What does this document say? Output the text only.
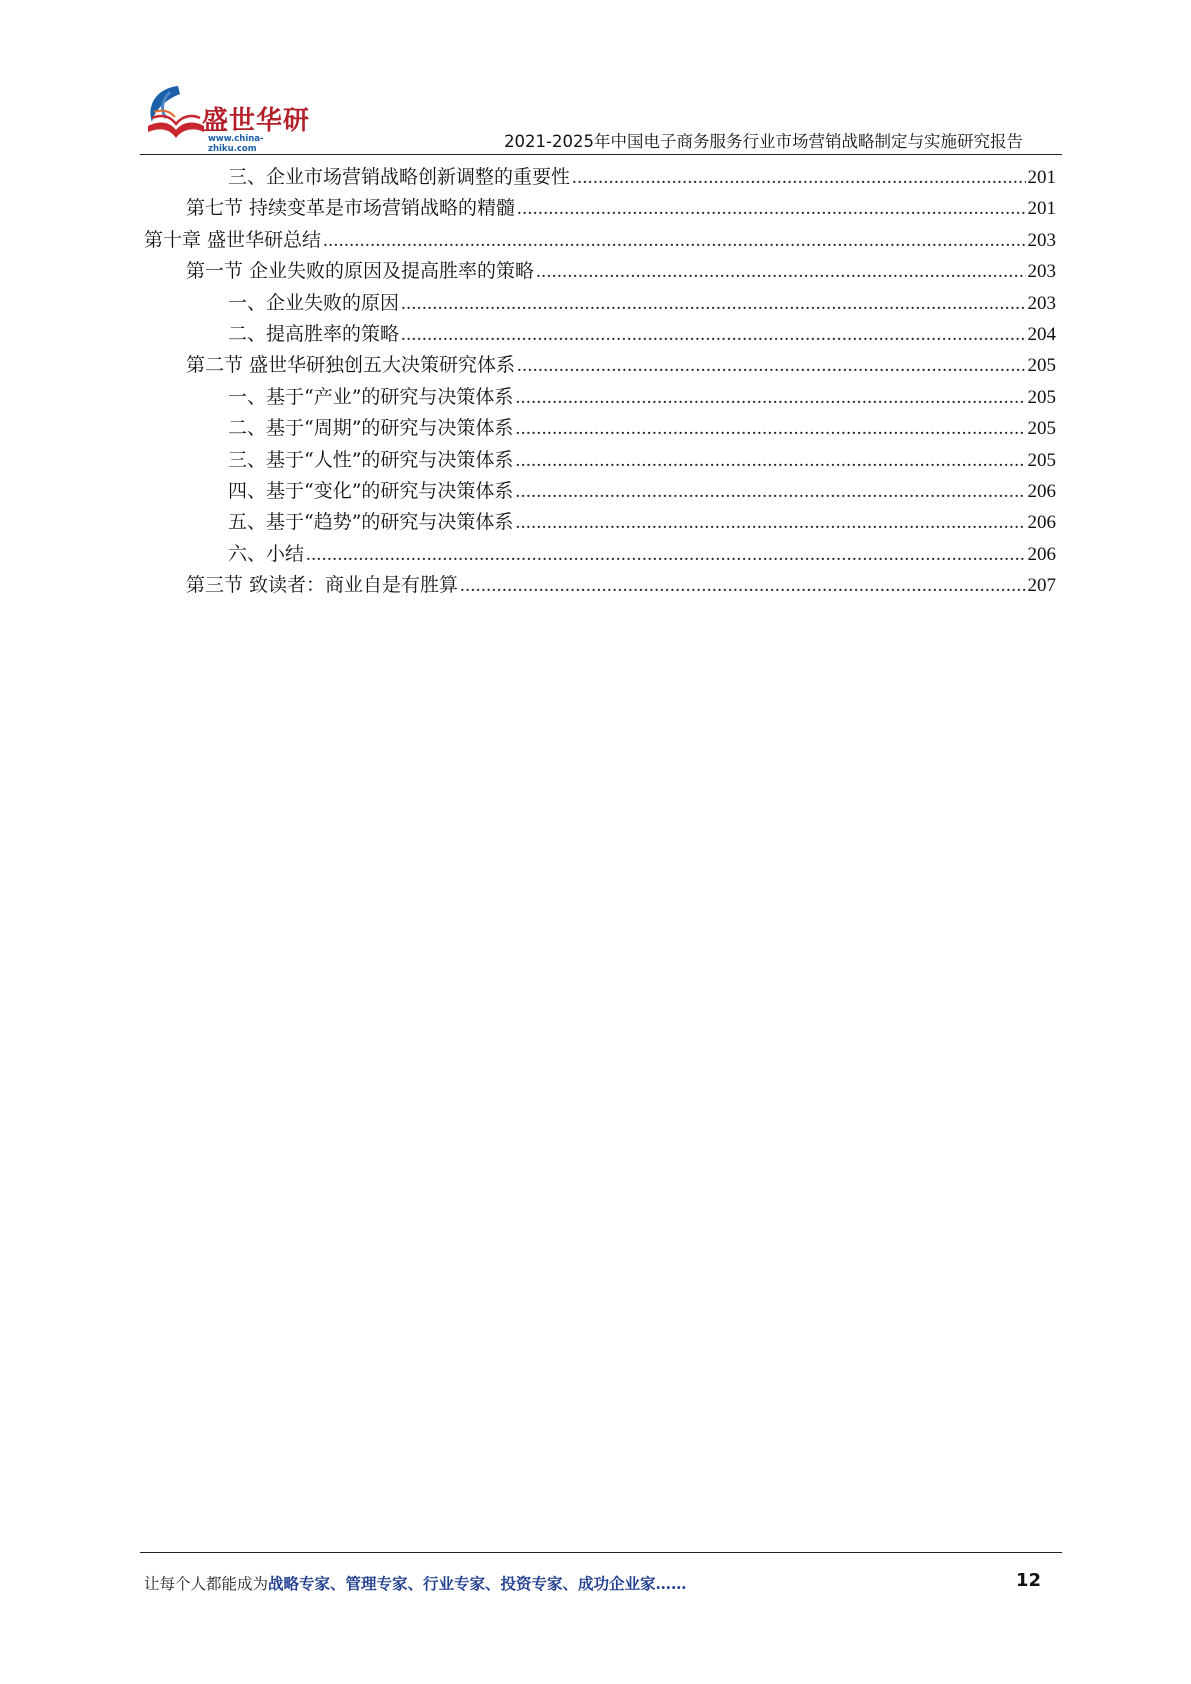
盛世华研
www.china-zhiku.com	2021-2025年中国电子商务服务行业市场营销战略制定与实施研究报告
三、企业市场营销战略创新调整的重要性 .....	201
第七节 持续变革是市场营销战略的精髓 .....	201
第十章 盛世华研总结 .....	203
第一节 企业失败的原因及提高胜率的策略 .....	203
一、企业失败的原因 .....	203
二、提高胜率的策略 .....	204
第二节 盛世华研独创五大决策研究体系 .....	205
一、基于“产业”的研究与决策体系 .....	205
二、基于“周期”的研究与决策体系 .....	205
三、基于“人性”的研究与决策体系 .....	205
四、基于“变化”的研究与决策体系 .....	206
五、基于“趋势”的研究与决策体系 .....	206
六、小结 .....	206
第三节 致读者：商业自是有胜算 .....	207
让每个人都能成为战略专家、管理专家、行业专家、投资专家、成功企业家……	12
